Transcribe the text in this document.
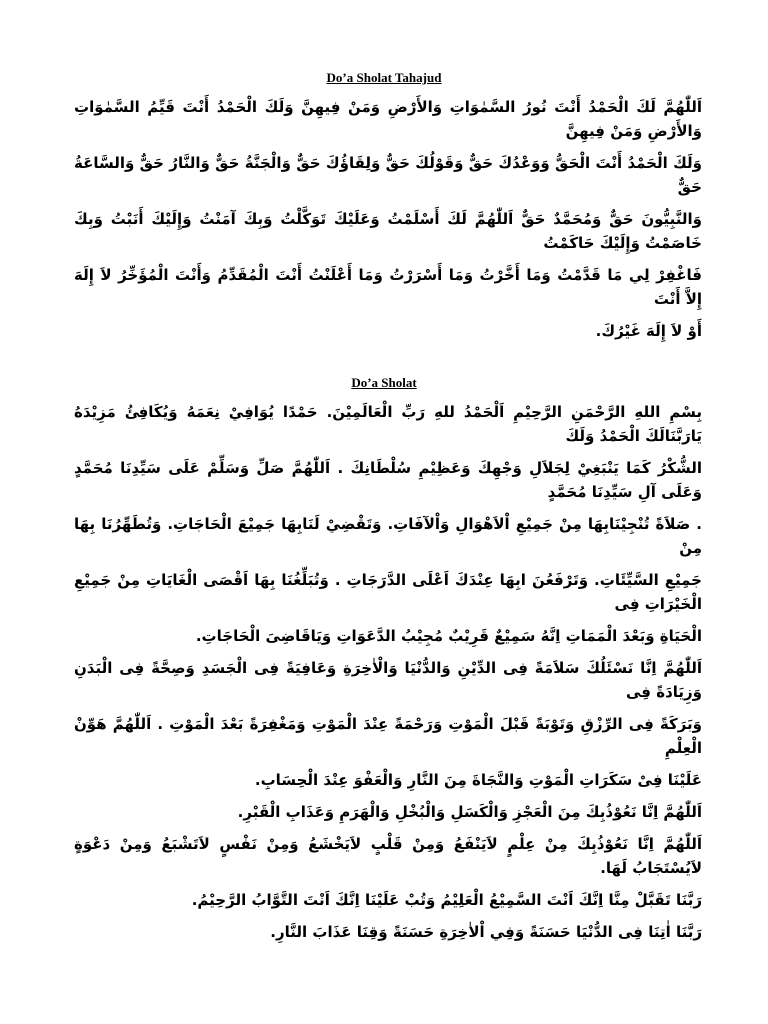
Do’a Sholat Tahajud

اَللّٰهُمَّ لَكَ الْحَمْدُ أَنْتَ نُورُ السَّمٰوَاتِ وَالأَرْضِ وَمَنْ فِيهِنَّ وَلَكَ الْحَمْدُ أَنْتَ قَيِّمُ السَّمٰوَاتِ وَالأَرْضِ وَمَنْ فِيهِنَّ

وَلَكَ الْحَمْدُ أَنْتَ الْحَقُّ وَوَعْدُكَ حَقٌّ وَقَوْلُكَ حَقٌّ وَلِقَاؤُكَ حَقٌّ وَالْجَنَّةُ حَقٌّ وَالنَّارُ حَقٌّ وَالسَّاعَةُ حَقٌّ

وَالنَّبِيُّونَ حَقٌّ وَمُحَمَّدٌ حَقٌّ اَللّٰهُمَّ لَكَ أَسْلَمْتُ وَعَلَيْكَ تَوَكَّلْتُ وَبِكَ آمَنْتُ وَإِلَيْكَ أَنَبْتُ وَبِكَ خَاصَمْتُ وَإِلَيْكَ حَاكَمْتُ

فَاغْفِرْ لِي مَا قَدَّمْتُ وَمَا أَخَّرْتُ وَمَا أَسْرَرْتُ وَمَا أَعْلَنْتُ أَنْتَ الْمُقَدِّمُ وَأَنْتَ الْمُؤَخِّرُ لاَ إِلَهَ إِلاَّ أَنْتَ

أَوْ لاَ إِلَهَ غَيْرُكَ.

Do’a Sholat

بِسْمِ اللهِ الرَّحْمَنِ الرَّحِيْمِ اَلْحَمْدُ للهِ رَبِّ الْعَالَمِيْنَ. حَمْدًا يُوَافِيْ نِعَمَهُ وَيُكَافِئُ مَزِيْدَهُ يَارَبَّنَالَكَ الْحَمْدُ وَلَكَ

الشُّكْرُ كَمَا يَنْبَغِيْ لِجَلاَلِ وَجْهِكَ وَعَظِيْمِ سُلْطَانِكَ . اَللّٰهُمَّ صَلِّ وَسَلِّمْ عَلَى سَيِّدِنَا مُحَمَّدٍ وَعَلَى آلِ سَيِّدِنَا مُحَمَّدٍ

. صَلاَةً تُنْجِيْنَابِهَا مِنْ جَمِيْعِ اْلاَهْوَالِ وَاْلآفَاتِ. وَتَقْضِيْ لَنَابِهَا جَمِيْعَ الْحَاجَاتِ. وَتُطَهِّرُنَا بِهَا مِنْ

جَمِيْعِ السَّيِّئَاتِ. وَتَرْفَعُنَ ابِهَا عِنْدَكَ اَعْلَى الدَّرَجَاتِ . وَتُبَلِّغُنَا بِهَا اَقْصَى الْغَايَاتِ مِنْ جَمِيْعِ الْخَيْرَاتِ فِى

الْحَيَاةِ وَبَعْدَ الْمَمَاتِ اِنَّهُ سَمِيْعٌ قَرِيْبٌ مُجِيْبُ الدَّعَوَاتِ وَيَاقَاضِىَ الْحَاجَاتِ.

اَللّٰهُمَّ اِنَّا نَسْئَلُكَ سَلاَمَةً فِى الدِّيْنِ وَالدُّنْيَا وَالْاٰخِرَةِ وَعَافِيَةً فِى الْجَسَدِ وَصِحَّةً فِى الْبَدَنِ وَزِيَادَةً فِى

وَبَرَكَةً فِى الرِّزْقِ وَتَوْبَةً قَبْلَ الْمَوْتِ وَرَحْمَةً عِنْدَ الْمَوْتِ وَمَغْفِرَةً بَعْدَ الْمَوْتِ . اَللّٰهُمَّ هَوِّنْ الْعِلْمِ

عَلَيْنَا فِىْ سَكَرَاتِ الْمَوْتِ وَالنَّجَاةَ مِنَ النَّارِ وَالْعَفْوَ عِنْدَ الْحِسَابِ.

اَللّٰهُمَّ اِنَّا نَعُوْذُبِكَ مِنَ الْعَجْزِ وَالْكَسَلِ وَالْبُخْلِ وَالْهَرَمِ وَعَذَابِ الْقَبْرِ.

اَللّٰهُمَّ اِنَّا نَعُوْذُبِكَ مِنْ عِلْمٍ لاَيَنْفَعُ وَمِنْ قَلْبٍ لاَيَخْشَعُ وَمِنْ نَفْسٍ لاَتَشْبَعُ وَمِنْ دَعْوَةٍ لاَيُسْتَجَابُ لَهَا.

رَبَّنَا تَقَبَّلْ مِنَّا اِنَّكَ اَنْتَ السَّمِيْعُ الْعَلِيْمُ وَتُبْ عَلَيْنَا اِنَّكَ اَنْتَ التَّوَّابُ الرَّحِيْمُ.

رَبَّنَا اٰتِنَا فِى الدُّنْيَا حَسَنَةً وَفِي اْلاٰخِرَةِ حَسَنَةً وَقِنَا عَذَابَ النَّارِ.
